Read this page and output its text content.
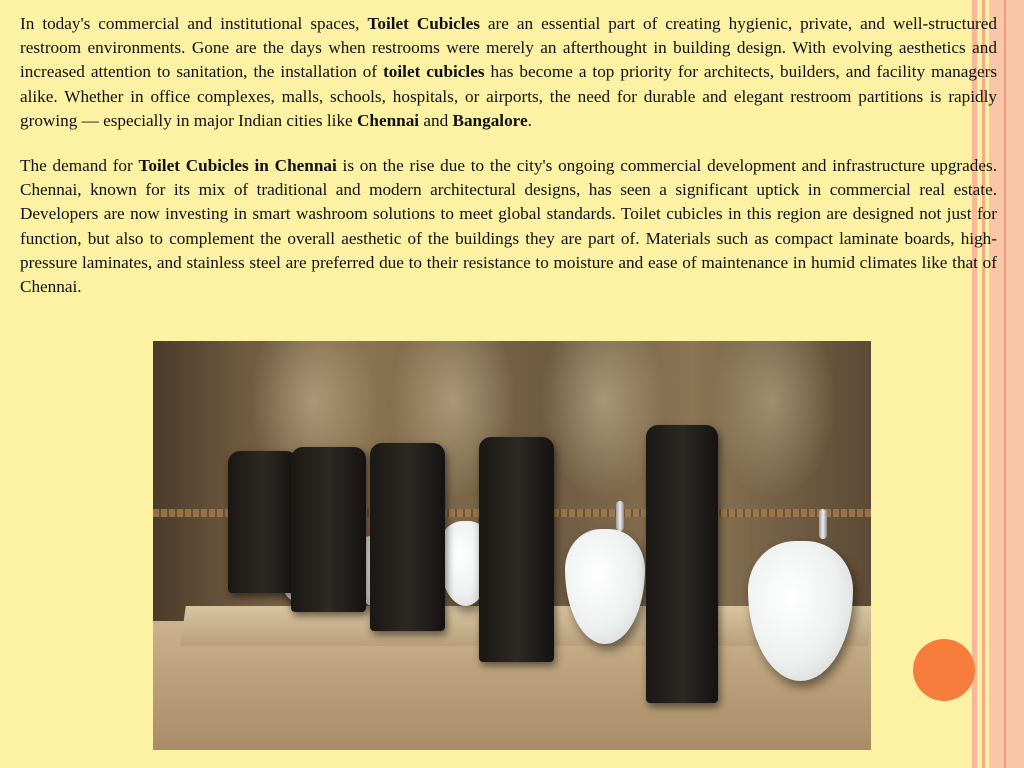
In today's commercial and institutional spaces, Toilet Cubicles are an essential part of creating hygienic, private, and well-structured restroom environments. Gone are the days when restrooms were merely an afterthought in building design. With evolving aesthetics and increased attention to sanitation, the installation of toilet cubicles has become a top priority for architects, builders, and facility managers alike. Whether in office complexes, malls, schools, hospitals, or airports, the need for durable and elegant restroom partitions is rapidly growing — especially in major Indian cities like Chennai and Bangalore.

The demand for Toilet Cubicles in Chennai is on the rise due to the city's ongoing commercial development and infrastructure upgrades. Chennai, known for its mix of traditional and modern architectural designs, has seen a significant uptick in commercial real estate. Developers are now investing in smart washroom solutions to meet global standards. Toilet cubicles in this region are designed not just for function, but also to complement the overall aesthetic of the buildings they are part of. Materials such as compact laminate boards, high-pressure laminates, and stainless steel are preferred due to their resistance to moisture and ease of maintenance in humid climates like that of Chennai.
